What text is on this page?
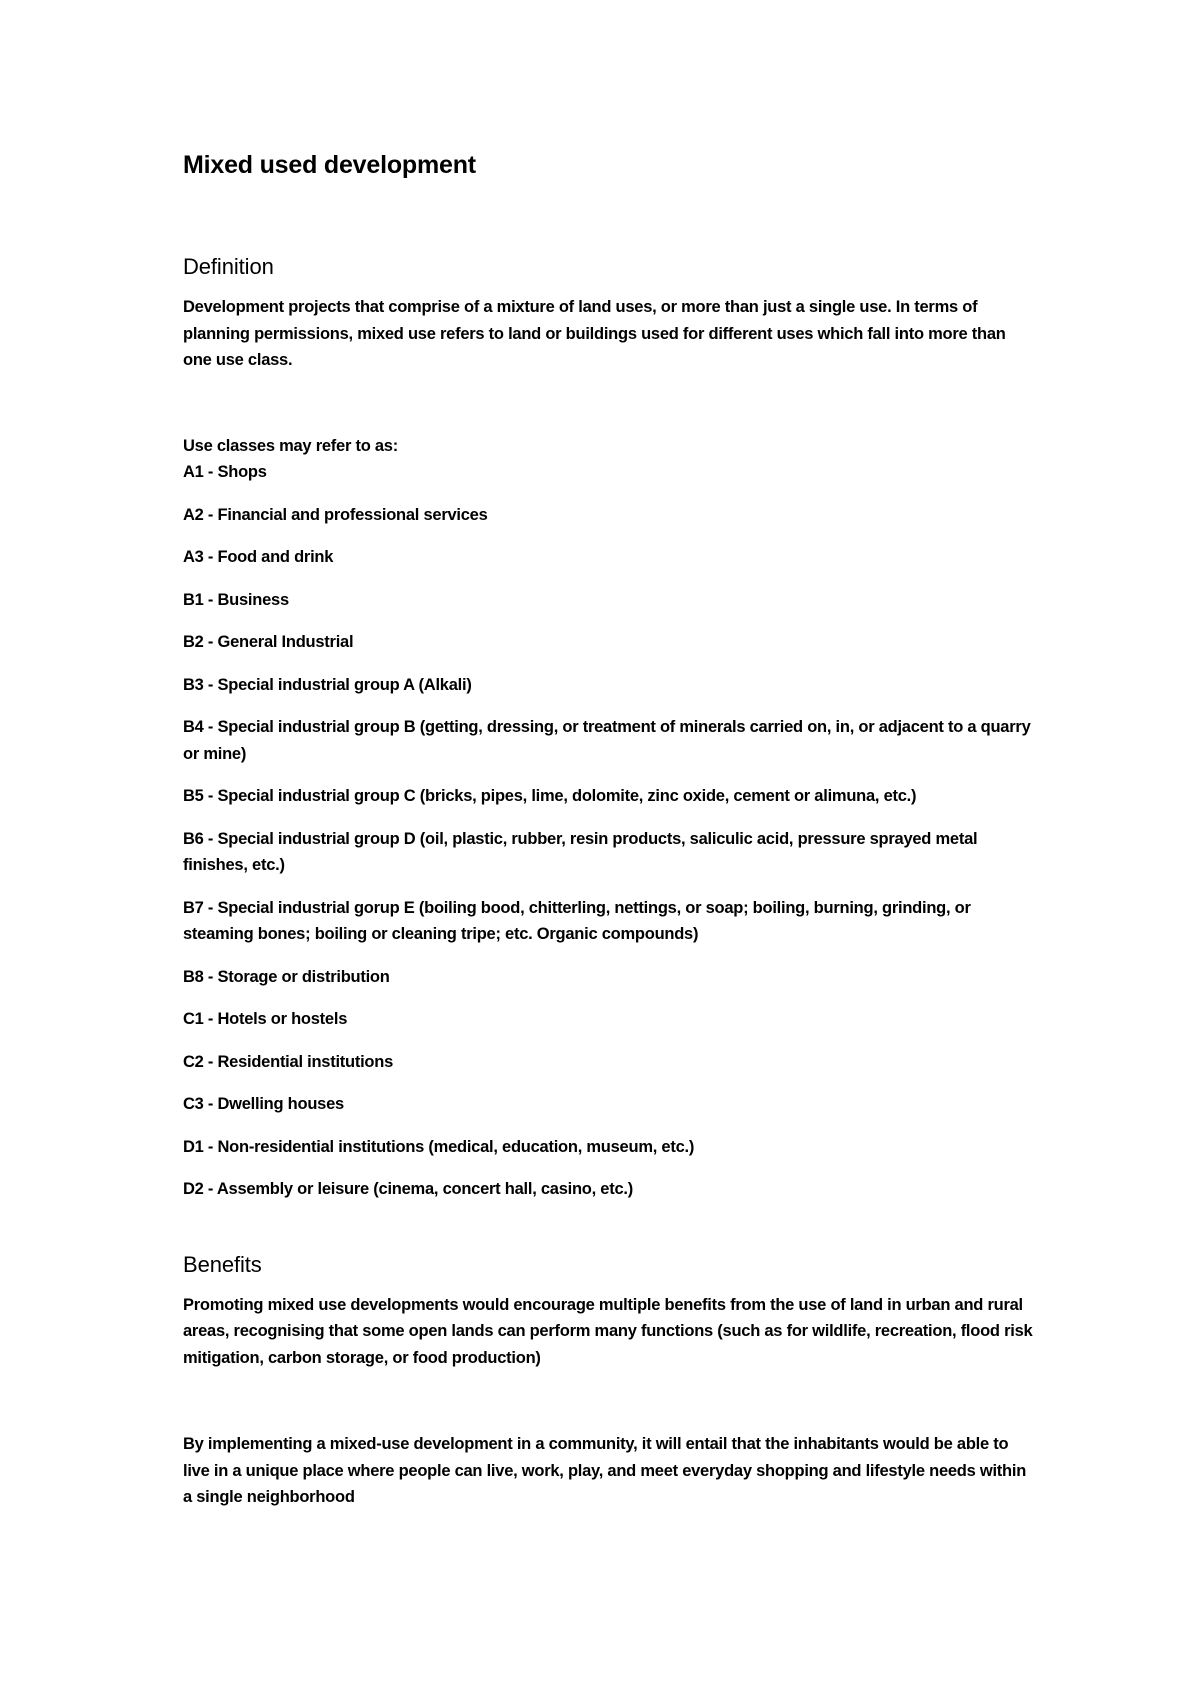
Mixed used development
Definition

Development projects that comprise of a mixture of land uses, or more than just a single use. In terms of planning permissions, mixed use refers to land or buildings used for different uses which fall into more than one use class.

Use classes may refer to as:

A1 - Shops

A2 - Financial and professional services

A3 - Food and drink

B1 - Business

B2 - General Industrial

B3 - Special industrial group A (Alkali)

B4 - Special industrial group B (getting, dressing, or treatment of minerals carried on, in, or adjacent to a quarry or mine)

B5 - Special industrial group C (bricks, pipes, lime, dolomite, zinc oxide, cement or alimuna, etc.)

B6 - Special industrial group D (oil, plastic, rubber, resin products, saliculic acid, pressure sprayed metal finishes, etc.)

B7 - Special industrial gorup E (boiling bood, chitterling, nettings, or soap; boiling, burning, grinding, or steaming bones; boiling or cleaning tripe; etc. Organic compounds)

B8 - Storage or distribution

C1 - Hotels or hostels

C2 - Residential institutions

C3 - Dwelling houses

D1 - Non-residential institutions (medical, education, museum, etc.)

D2 - Assembly or leisure (cinema, concert hall, casino, etc.)

Benefits

Promoting mixed use developments would encourage multiple benefits from the use of land in urban and rural areas, recognising that some open lands can perform many functions (such as for wildlife, recreation, flood risk mitigation, carbon storage, or food production)

By implementing a mixed-use development in a community, it will entail that the inhabitants would be able to live in a unique place where people can live, work, play, and meet everyday shopping and lifestyle needs within a single neighborhood
